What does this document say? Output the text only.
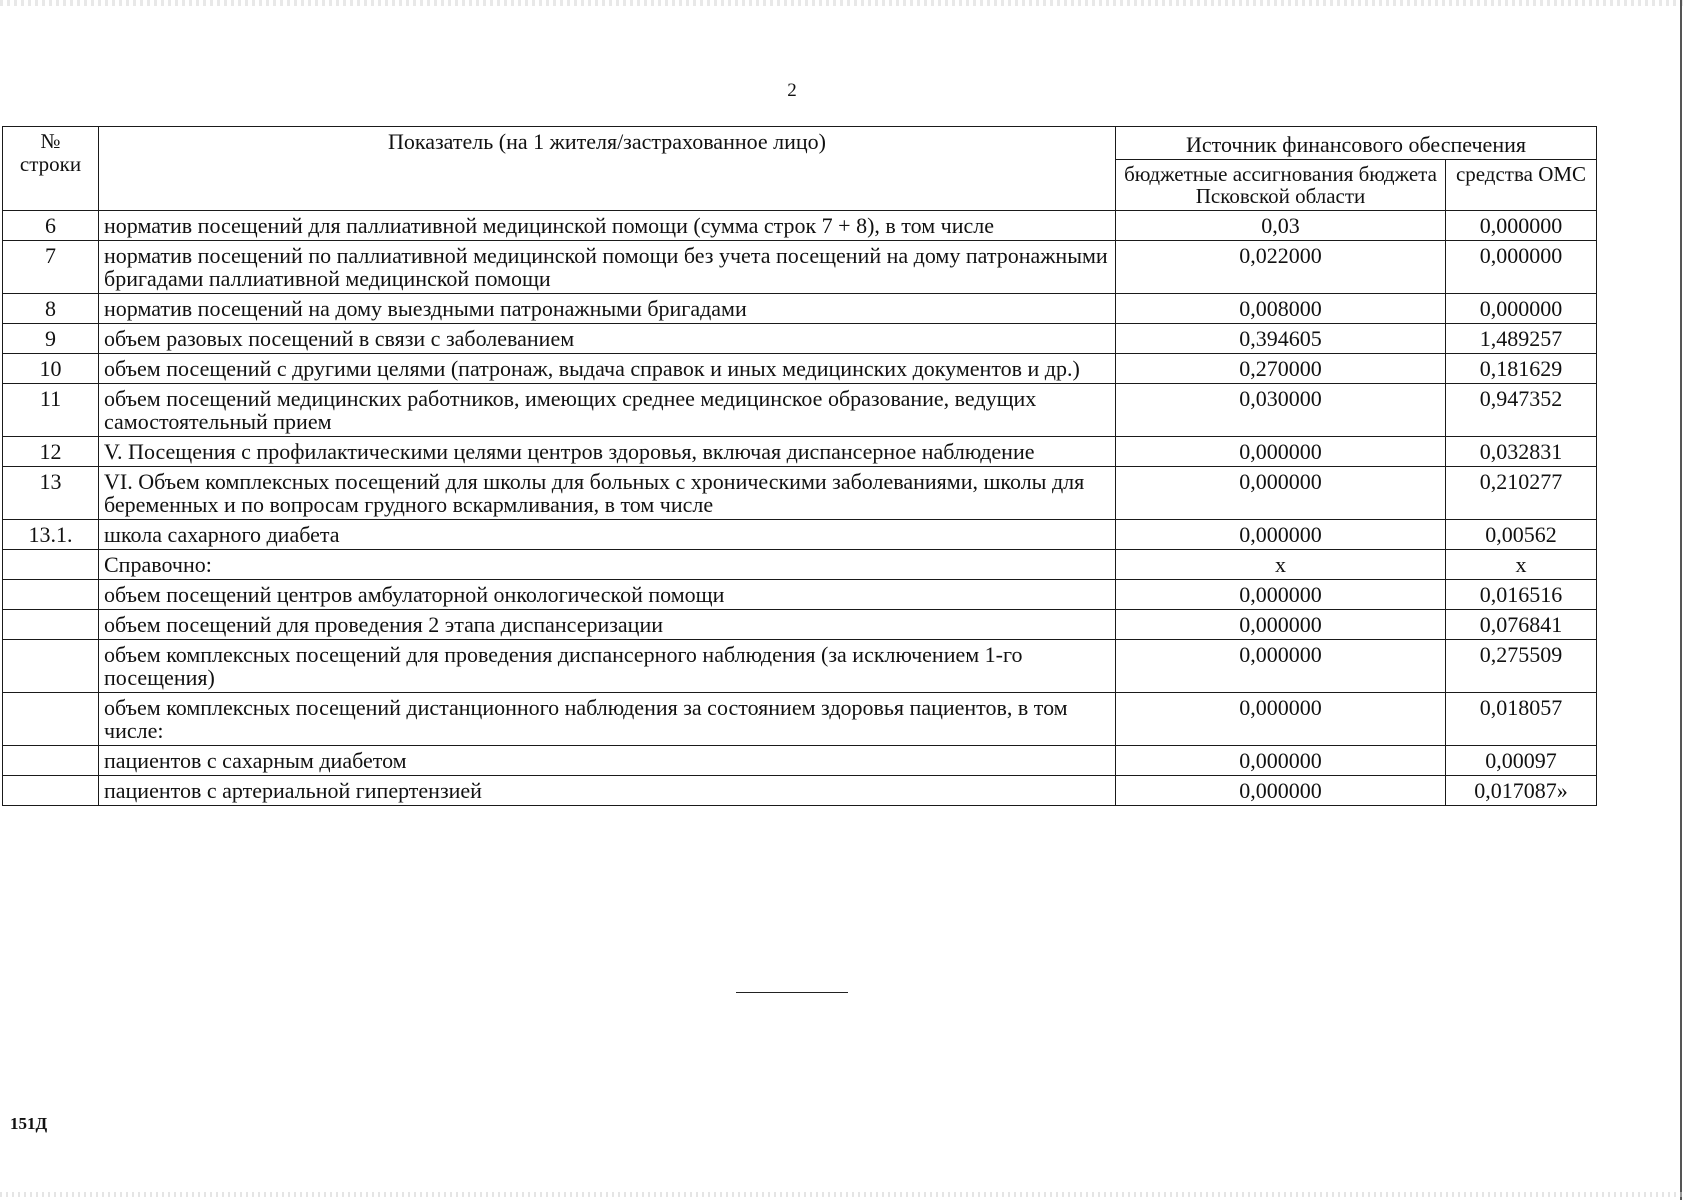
2
№ строки	Показатель (на 1 жителя/застрахованное лицо)	Источник финансового обеспечения	
		бюджетные ассигнования бюджета Псковской области	средства ОМС
6	норматив посещений для паллиативной медицинской помощи (сумма строк 7 + 8), в том числе	0,03	0,000000
7	норматив посещений по паллиативной медицинской помощи без учета посещений на дому патронажными бригадами паллиативной медицинской помощи	0,022000	0,000000
8	норматив посещений на дому выездными патронажными бригадами	0,008000	0,000000
9	объем разовых посещений в связи с заболеванием	0,394605	1,489257
10	объем посещений с другими целями (патронаж, выдача справок и иных медицинских документов и др.)	0,270000	0,181629
11	объем посещений медицинских работников, имеющих среднее медицинское образование, ведущих самостоятельный прием	0,030000	0,947352
12	V. Посещения с профилактическими целями центров здоровья, включая диспансерное наблюдение	0,000000	0,032831
13	VI. Объем комплексных посещений для школы для больных с хроническими заболеваниями, школы для беременных и по вопросам грудного вскармливания, в том числе	0,000000	0,210277
13.1.	школа сахарного диабета	0,000000	0,00562
	Справочно:	х	х
	объем посещений центров амбулаторной онкологической помощи	0,000000	0,016516
	объем посещений для проведения 2 этапа диспансеризации	0,000000	0,076841
	объем комплексных посещений для проведения диспансерного наблюдения (за исключением 1-го посещения)	0,000000	0,275509
	объем комплексных посещений дистанционного наблюдения за состоянием здоровья пациентов, в том числе:	0,000000	0,018057
	пациентов с сахарным диабетом	0,000000	0,00097
	пациентов с артериальной гипертензией	0,000000	0,017087»
151Д
